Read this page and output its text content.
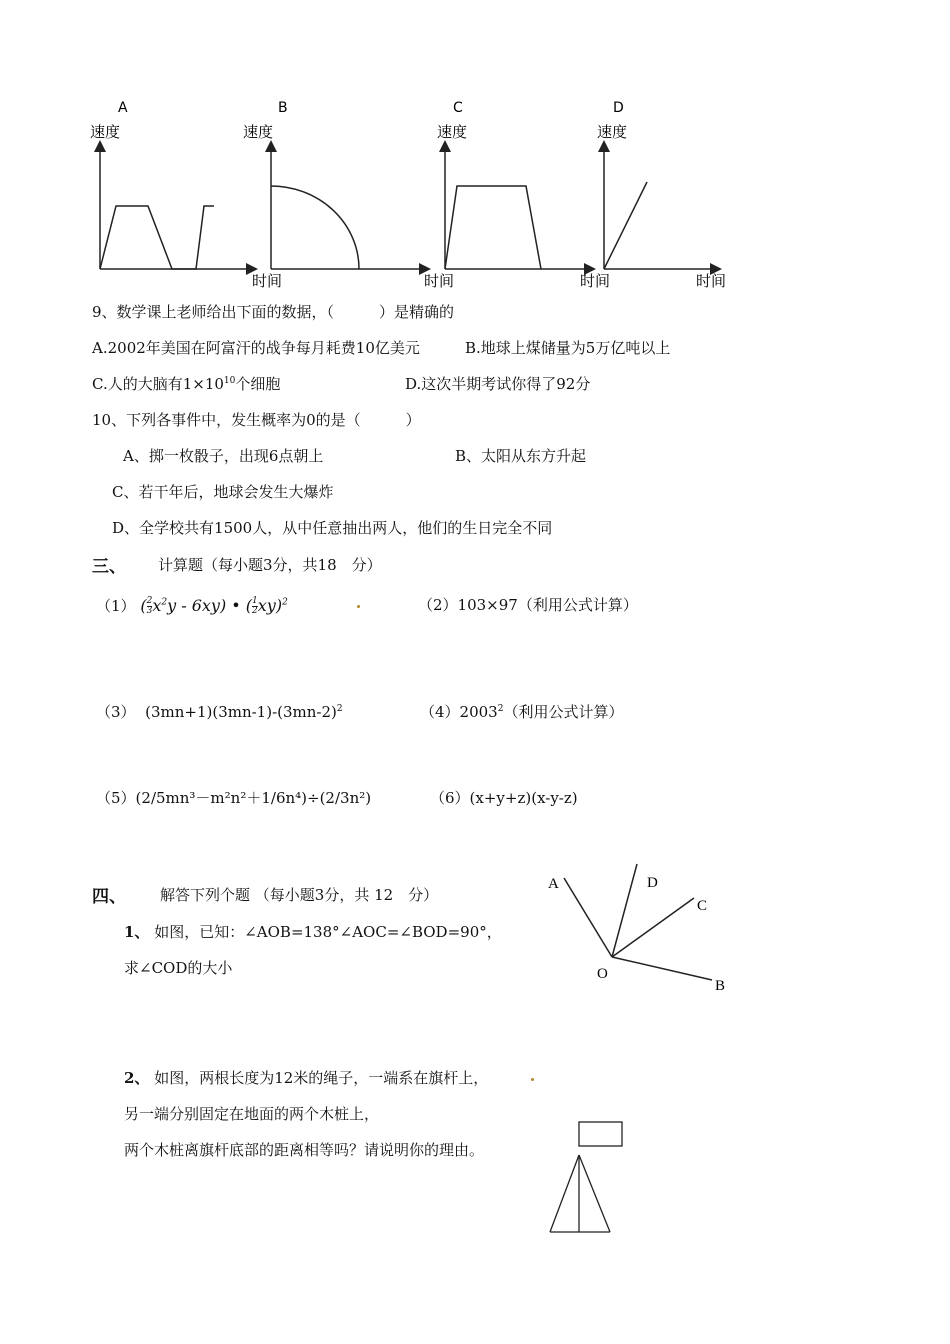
A
速度
B
速度
时间
C
速度
时间
D
速度
时间	时间
9、数学课上老师给出下面的数据，（　　　）是精确的
A.2002年美国在阿富汗的战争每月耗费10亿美元	B.地球上煤储量为5万亿吨以上
C.人的大脑有$1\times 10^{10}$个细胞	D.这次半期考试你得了92分
10、下列各事件中，发生概率为0的是（　　　）
A、掷一枚骰子，出现6点朝上	B、太阳从东方升起
C、若干年后，地球会发生大爆炸
D、全学校共有1500人，从中任意抽出两人，他们的生日完全不同
三、 计算题（每小题3分，共18　分）
（1） ( $\frac{2}{3} x^2y - 6xy$) • ( $\frac{1}{2} xy)^2$	（2）103×97（利用公式计算）
（3） $(3mn+1)(3mn-1)-(3mn-2)^2$	（4）2003$^2$（利用公式计算）
（5）(2/5mn³－m²n²＋1/6n⁴)÷(2/3n²)	（6）(x+y+z)(x-y-z)
四、 解答下列个题 （每小题3分，共 12　分）
1、 如图，已知：∠AOB=138°∠AOC=∠BOD=90°，
求∠COD的大小
2、 如图，两根长度为12米的绳子，一端系在旗杆上，
另一端分别固定在地面的两个木桩上，
两个木桩离旗杆底部的距离相等吗？请说明你的理由。
A	D
C
O
B
